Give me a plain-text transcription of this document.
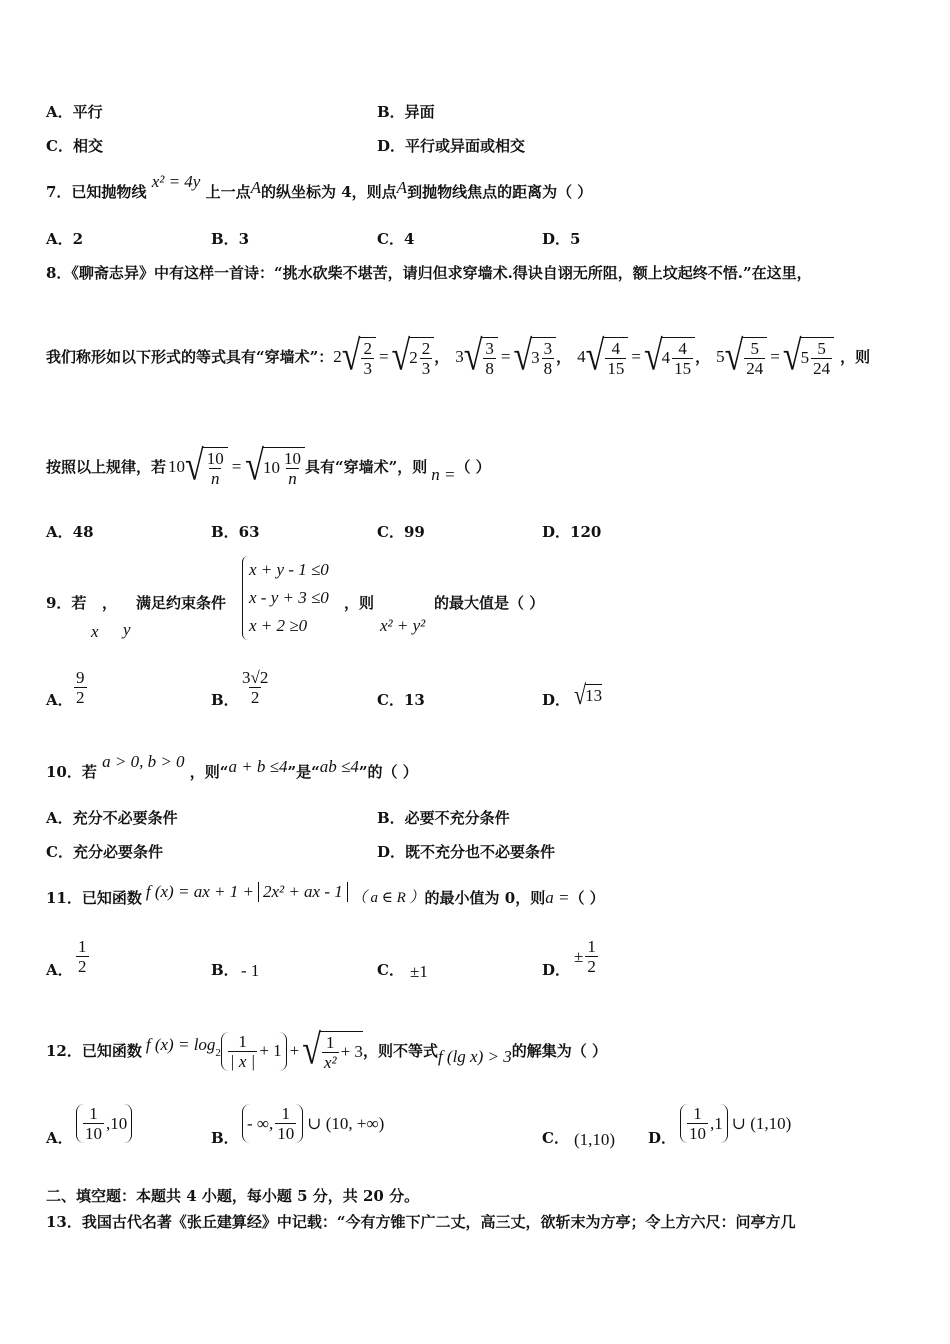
A．平行	B．异面
C．相交	D．平行或异面或相交
7．已知抛物线 x² = 4y 上一点A的纵坐标为 4，则点A到抛物线焦点的距离为（ ）
A．2	B．3	C．4	D．5
8．《聊斋志异》中有这样一首诗：“挑水砍柴不堪苦，请归但求穿墙术.得诀自诩无所阻，额上坟起终不悟.”在这里，
我们称形如以下形式的等式具有“穿墙术”： 2 √ $\frac{2}{3}$ = √ $2 \frac{2}{3}$ ， 3 √ $\frac{3}{8}$ = √ $3 \frac{3}{8}$ ， 4 √ $\frac{4}{15}$ = √ $4 \frac{4}{15}$ ， 5 √ $\frac{5}{24}$ = √ $5 \frac{5}{24}$ ，则
按照以上规律，若 10 √ $\frac{10}{n}$ = √ $10 \frac{10}{n}$ 具有“穿墙术”，则 n = （ ）
A．48	B．63	C．99	D．120
9．若 ，
x y
满足约束条件
x + y - 1 ≤0
x - y + 3 ≤0
x + 2 ≥0
，则
x² + y²
的最大值是（ ）
A． $\frac{9}{2}$	B． $\frac{3√2}{2}$	C．13	D． √ 13
10．若 a > 0, b > 0 ，则“a + b ≤4”是“ab ≤4”的（ ）
A．充分不必要条件	B．必要不充分条件
C．充分必要条件	D．既不充分也不必要条件
11．已知函数 f (x) = ax + 1 + 2x² + ax - 1 （ a ∈ R ） 的最小值为 0，则 a = （ ）
A． $\frac{1}{2}$	B． - 1	C． ±1	D．
± $\frac{1}{2}$
12．已知函数 f $(x) = \log 2 \frac{1}{| x |} + 1$ + √ $\frac{1}{\text{x²}} + 3$ ，则不等式 f (lg x) > 3 的解集为（ ）
A． $\frac{1}{10} ,10$
B．
- ∞, $\frac{1}{10}$ ∪ (10, +∞)
C． (1,10) D． $\frac{1}{10} ,1$ ∪ (1,10)
二、填空题：本题共 4 小题，每小题 5 分，共 20 分。
13．我国古代名著《张丘建算经》中记载：“今有方锥下广二丈，高三丈，欲斩末为方亭；令上方六尺：问亭方几
